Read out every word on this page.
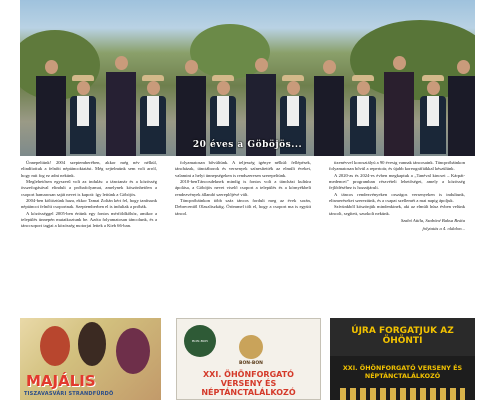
20 éves a Göböjös...

Ünnepeltünk! 2004 szeptemberében, akkor még név nélkül, elindítottuk a felnőtt néptáncoktatást. Még sejtelmünk sem volt arról, hogy mit fog ez adni nekünk.

Meglehetősen egyszerű volt az indulás: a tánctanár és a közösség összefogásával elindult a próbafolyamat, amelynek köszönhetően a csoport hamarosan saját nevet is kapott: így lettünk a Göböjös.

2004-ben költöztünk haza, ekkor Tamai Zoltán kért fel, hogy tanítsunk néptáncot felnőtt csoportnak. Szeptemberben el is indultak a próbák.

A közösséggel 2005-ben értünk egy fontos mérföldkőhöz, amikor a település ünnepén mutatkoztunk be. Azóta folyamatosan táncolunk, és a tánccsoport tagjai a közösség motorjai lettek a Kieb 66-ban.

folyamatosan bővültünk. A teljesség igénye nélkül: fellépések, táncházak, tánctáborok és versenyek színesítették az elmúlt éveket, valamint a helyi ünnepségeken is rendszeresen szerepeltünk.

2010-benTáncosdeknek mindig is fontos volt a táncházi kultúra ápolása, a Göböjös nevet viselő csoport a település és a környékbeli rendezvények állandó szereplőjévé vált.

Táncpróbáinkon több száz táncos fordult meg az évek során, Debrecentől Olaszliszkáig. Örömmel tölt el, hogy a csoport ma is együtt táncol.

tizenévvel korosztályú a 90 évesig vannak táncosaink. Táncpróbáinkon folyamatosan bővül a repertoár, és újabb koreográfiákkal készülünk.

A 2020-as és 2024-es évben megkaptuk a „Tanéval kincsei – Kárpát-medencei” programban részvételi lehetőséget, amely a közösség fejlődéséhez is hozzájárult.

A táncos rendezvényeken országos versenyeken is indultunk, elismeréseket szereztünk, és a csapat szellemét a mai napig ápoljuk.

Szívünkből köszönjük mindenkinek, aki az elmúlt húsz évben velünk táncolt, segített, szurkolt nekünk.

Szabó Attila, Szabóné Baksa Beáta
folytatás a 4. oldalon...
MAJÁLIS
TISZAVASVÁRI STRANDFÜRDŐ
BON-BON
BON-BON
XXI. ÖHÖNFORGATÓ VERSENY ÉS NÉPTÁNCTALÁLKOZÓ
ÚJRA FORGATJUK AZ ÖHÖNTI
XXI. ÖHÖNFORGATÓ VERSENY ÉS NÉPTÁNCTALÁLKOZÓ
